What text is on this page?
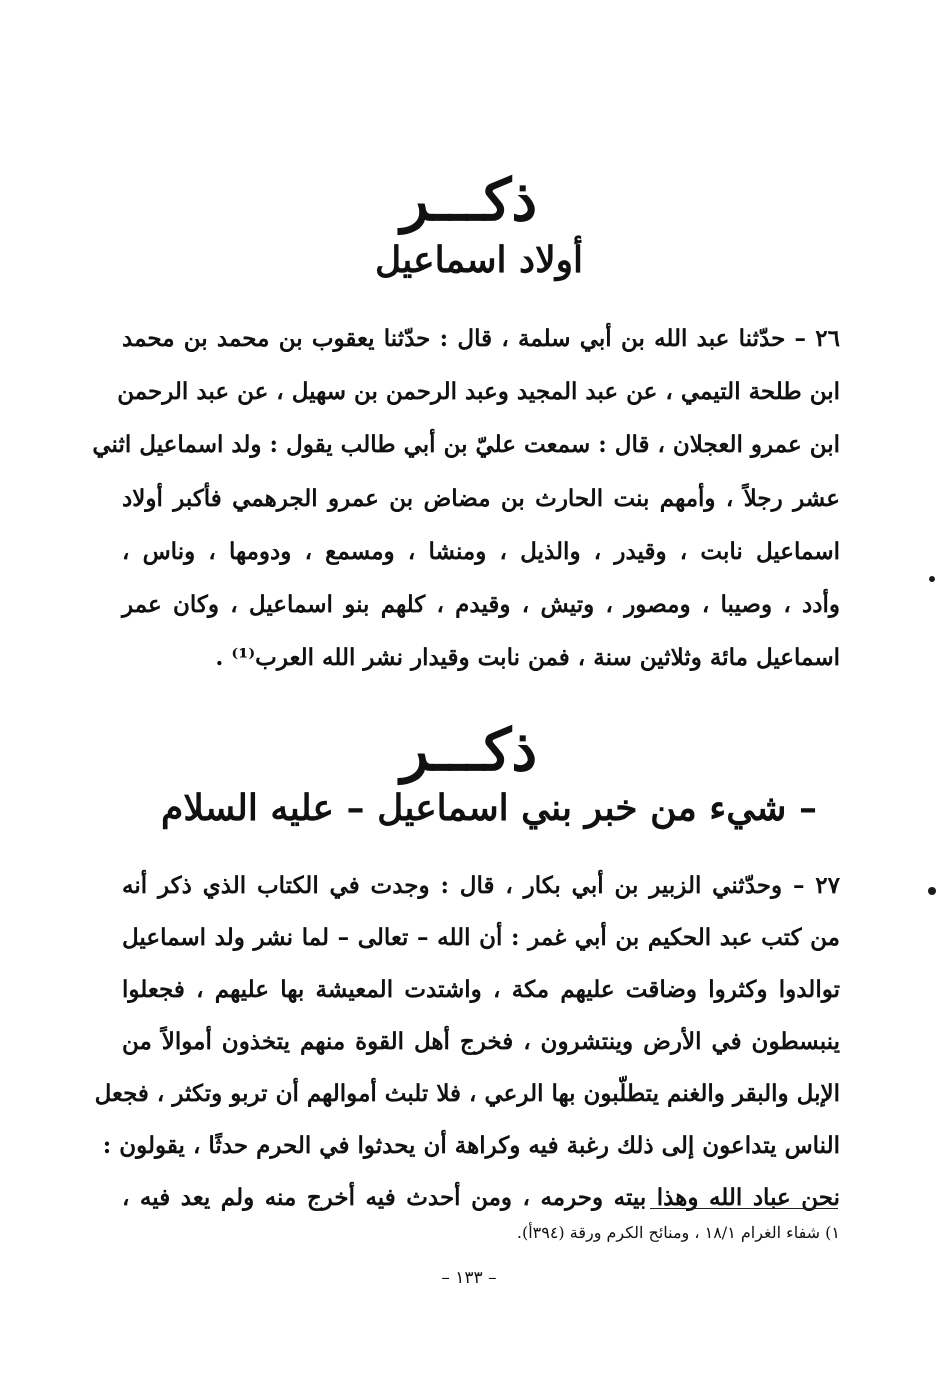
ذكـــر
أولاد اسماعيل
٢٦ – حدّثنا عبد الله بن أبي سلمة ، قال : حدّثنا يعقوب بن محمد بن محمد
ابن طلحة التيمي ، عن عبد المجيد وعبد الرحمن بن سهيل ، عن عبد الرحمن
ابن عمرو العجلان ، قال : سمعت عليّ بن أبي طالب يقول : ولد اسماعيل اثني
عشر رجلاً ، وأمهم بنت الحارث بن مضاض بن عمرو الجرهمي فأكبر أولاد
اسماعيل نابت ، وقيدر ، والذيل ، ومنشا ، ومسمع ، ودومها ، وناس ،
وأدد ، وصيبا ، ومصور ، وتيش ، وقيدم ، كلهم بنو اسماعيل ، وكان عمر
اسماعيل مائة وثلاثين سنة ، فمن نابت وقيدار نشر الله العرب⁽¹⁾ .
ذكـــر
شيء من خبر بني اسماعيل – عليه السلام –
٢٧ – وحدّثني الزبير بن أبي بكار ، قال : وجدت في الكتاب الذي ذكر أنه
من كتب عبد الحكيم بن أبي غمر : أن الله – تعالى – لما نشر ولد اسماعيل
توالدوا وكثروا وضاقت عليهم مكة ، واشتدت المعيشة بها عليهم ، فجعلوا
ينبسطون في الأرض وينتشرون ، فخرج أهل القوة منهم يتخذون أموالاً من
الإبل والبقر والغنم يتطلّبون بها الرعي ، فلا تلبث أموالهم أن تربو وتكثر ، فجعل
الناس يتداعون إلى ذلك رغبة فيه وكراهة أن يحدثوا في الحرم حدثًا ، يقولون :
نحن عباد الله وهذا بيته وحرمه ، ومن أحدث فيه أخرج منه ولم يعد فيه ،
١) شفاء الغرام ١٨/١ ، ومنائح الكرم ورقة (٣٩٤أ).
– ١٣٣ –
